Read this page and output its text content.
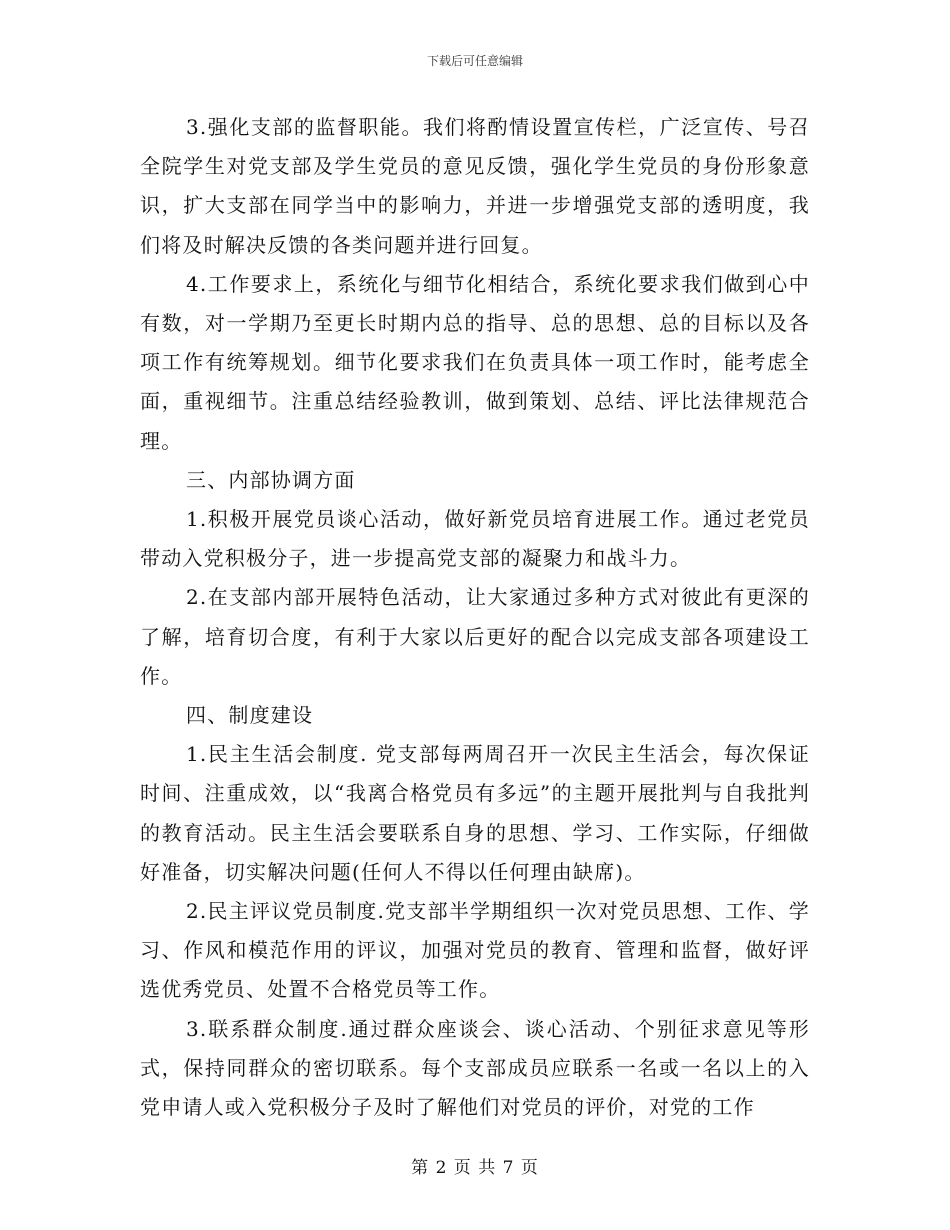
下载后可任意编辑

3.强化支部的监督职能。我们将酌情设置宣传栏，广泛宣传、号召全院学生对党支部及学生党员的意见反馈，强化学生党员的身份形象意识，扩大支部在同学当中的影响力，并进一步增强党支部的透明度，我们将及时解决反馈的各类问题并进行回复。

4.工作要求上，系统化与细节化相结合，系统化要求我们做到心中有数，对一学期乃至更长时期内总的指导、总的思想、总的目标以及各项工作有统筹规划。细节化要求我们在负责具体一项工作时，能考虑全面，重视细节。注重总结经验教训，做到策划、总结、评比法律规范合理。

三、内部协调方面

1.积极开展党员谈心活动，做好新党员培育进展工作。通过老党员带动入党积极分子，进一步提高党支部的凝聚力和战斗力。

2.在支部内部开展特色活动，让大家通过多种方式对彼此有更深的了解，培育切合度，有利于大家以后更好的配合以完成支部各项建设工作。

四、制度建设

1.民主生活会制度. 党支部每两周召开一次民主生活会，每次保证时间、注重成效，以“我离合格党员有多远”的主题开展批判与自我批判的教育活动。民主生活会要联系自身的思想、学习、工作实际，仔细做好准备，切实解决问题(任何人不得以任何理由缺席)。

2.民主评议党员制度.党支部半学期组织一次对党员思想、工作、学习、作风和模范作用的评议，加强对党员的教育、管理和监督，做好评选优秀党员、处置不合格党员等工作。

3.联系群众制度.通过群众座谈会、谈心活动、个别征求意见等形式，保持同群众的密切联系。每个支部成员应联系一名或一名以上的入党申请人或入党积极分子及时了解他们对党员的评价，对党的工作

第 2 页 共 7 页
